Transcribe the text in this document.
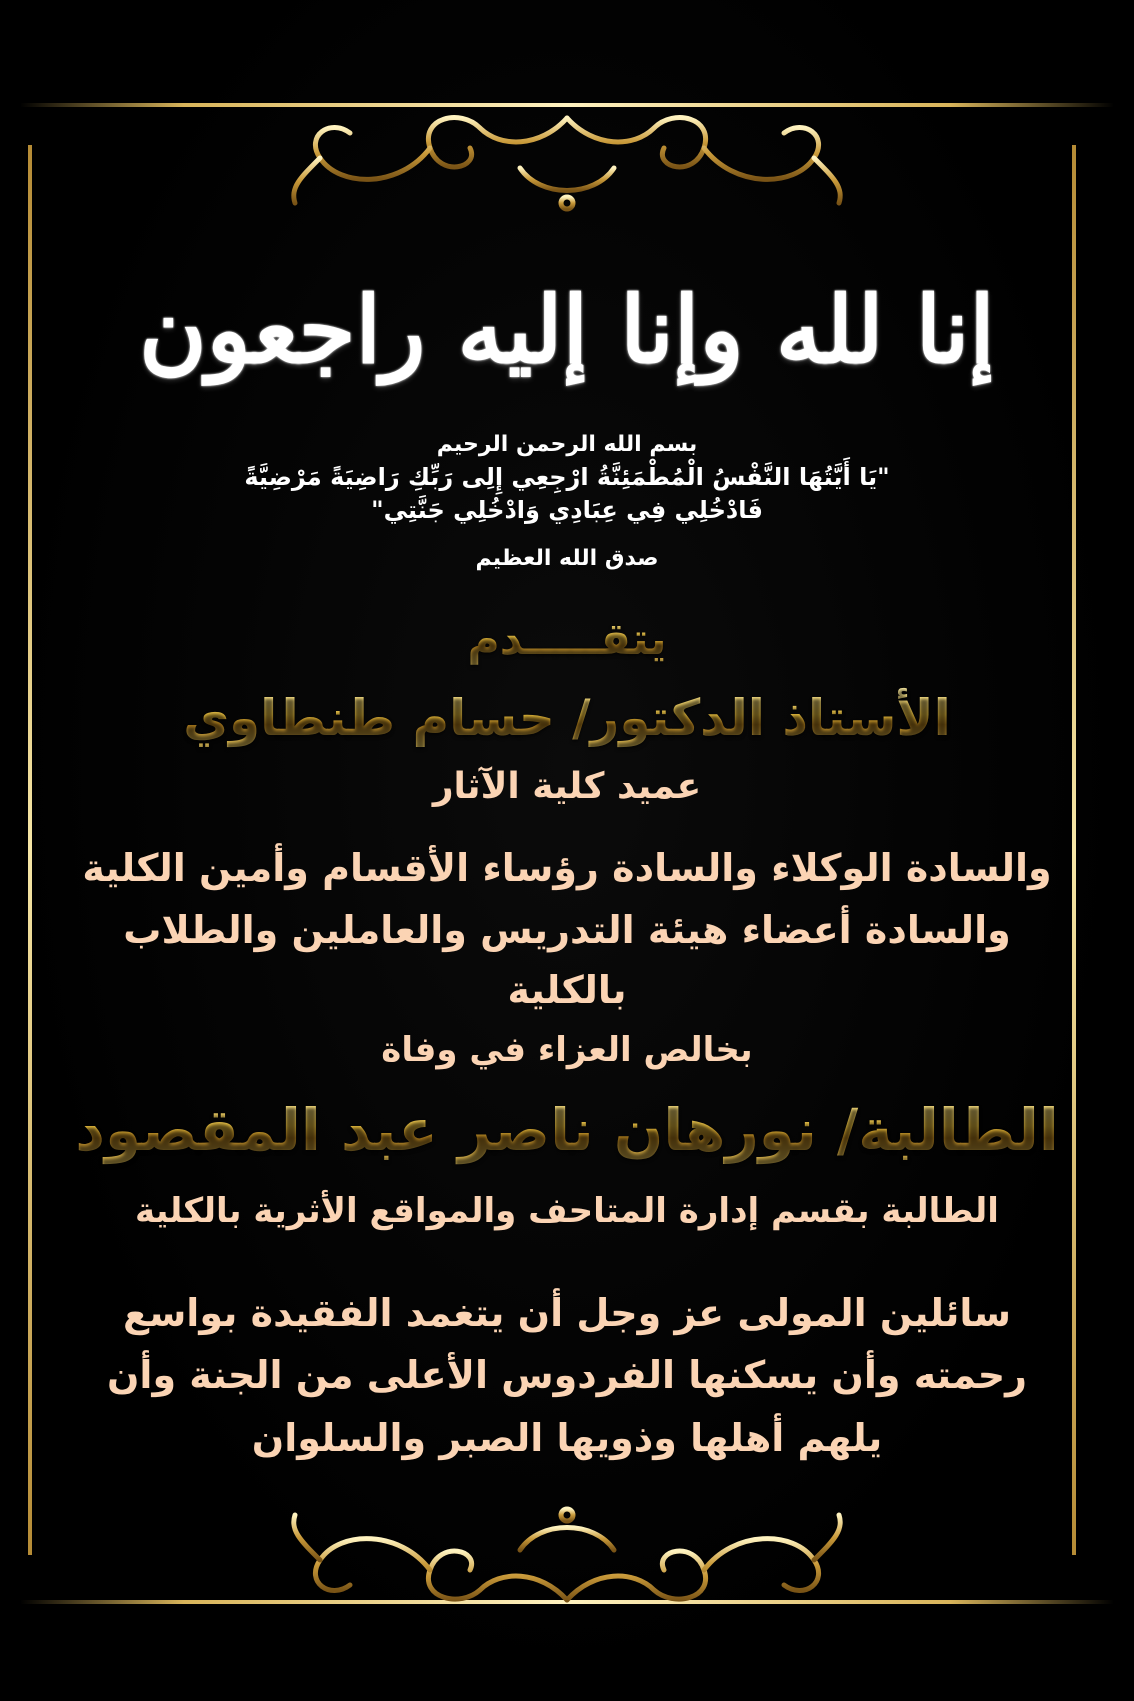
إنا لله وإنا إليه راجعون
بسم الله الرحمن الرحيم
"يَا أَيَّتُهَا النَّفْسُ الْمُطْمَئِنَّةُ ارْجِعِي إِلِى رَبِّكِ رَاضِيَةً مَرْضِيَّةً
فَادْخُلِي فِي عِبَادِي وَادْخُلِي جَنَّتِي"
صدق الله العظيم
يتقـــــدم
الأستاذ الدكتور/ حسام طنطاوي
عميد كلية الآثار
والسادة الوكلاء والسادة رؤساء الأقسام وأمين الكلية
والسادة أعضاء هيئة التدريس والعاملين والطلاب
بالكلية
بخالص العزاء في وفاة
الطالبة/ نورهان ناصر عبد المقصود
الطالبة بقسم إدارة المتاحف والمواقع الأثرية بالكلية
سائلين المولى عز وجل أن يتغمد الفقيدة بواسع
رحمته وأن يسكنها الفردوس الأعلى من الجنة وأن
يلهم أهلها وذويها الصبر والسلوان
